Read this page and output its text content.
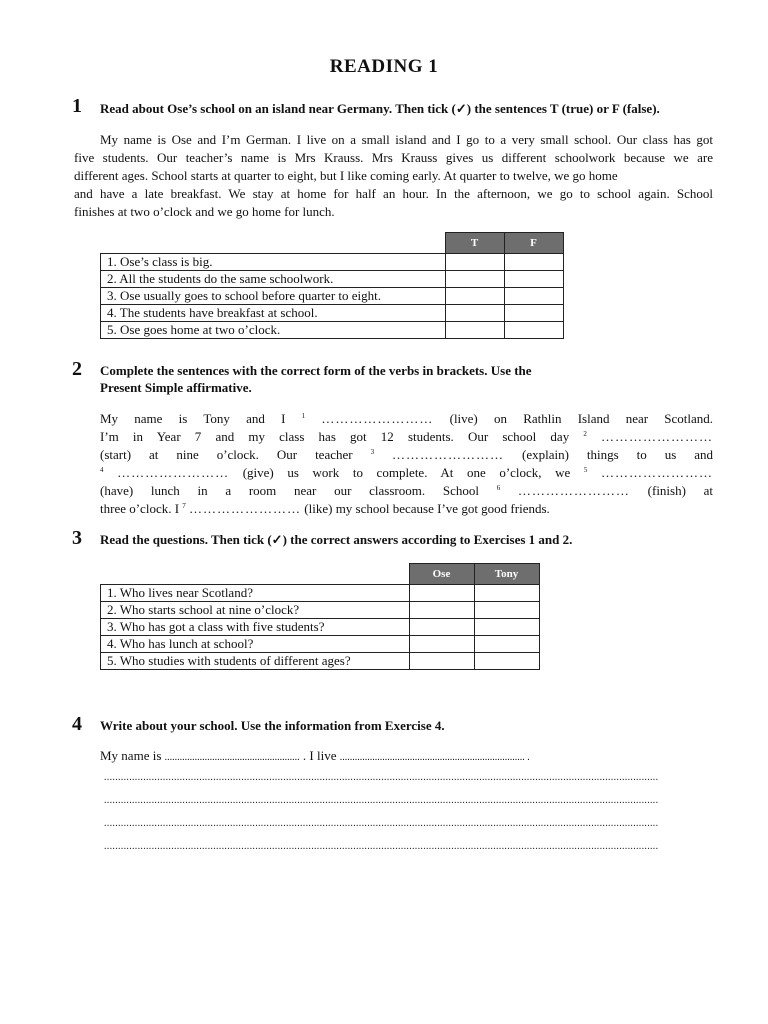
READING 1
1 Read about Ose’s school on an island near Germany. Then tick (✓) the sentences T (true) or F (false).

My name is Ose and I’m German. I live on a small island and I go to a very small school. Our class has got

five students. Our teacher’s name is Mrs Krauss. Mrs Krauss gives us different schoolwork because we are

different ages. School starts at quarter to eight, but I like coming early. At quarter to twelve, we go home

and have a late breakfast. We stay at home for half an hour. In the afternoon, we go to school again. School

finishes at two o’clock and we go home for lunch.

	T	F
1. Ose’s class is big.		
2. All the students do the same schoolwork.		
3. Ose usually goes to school before quarter to eight.		
4. The students have breakfast at school.		
5. Ose goes home at two o’clock.		
2 Complete the sentences with the correct form of the verbs in brackets. Use the
Present Simple affirmative.

My name is Tony and I $^1$ …………………… (live) on Rathlin Island near Scotland.

I’m in Year 7 and my class has got 12 students. Our school day $^2$ ……………………

(start) at nine o’clock. Our teacher	$^3$ …………………… (explain) things to us and

$^4$ …………………… (give) us work to complete. At one o’clock, we $^5$ ……………………

(have) lunch in a room near our classroom. School	$^6$ …………………… (finish) at

three o’clock. I $^7$ …………………… (like) my school because I’ve got good friends.

3 Read the questions. Then tick (✓) the correct answers according to Exercises 1 and 2.
	Ose	Tony
1. Who lives near Scotland?		
2. Who starts school at nine o’clock?		
3. Who has got a class with five students?		
4. Who has lunch at school?		
5. Who studies with students of different ages?		
4 Write about your school. Use the information from Exercise 4.
My name is ...................................................... . I live .......................................................................... .
......................................................................................................................................................................................................
......................................................................................................................................................................................................
......................................................................................................................................................................................................
......................................................................................................................................................................................................
